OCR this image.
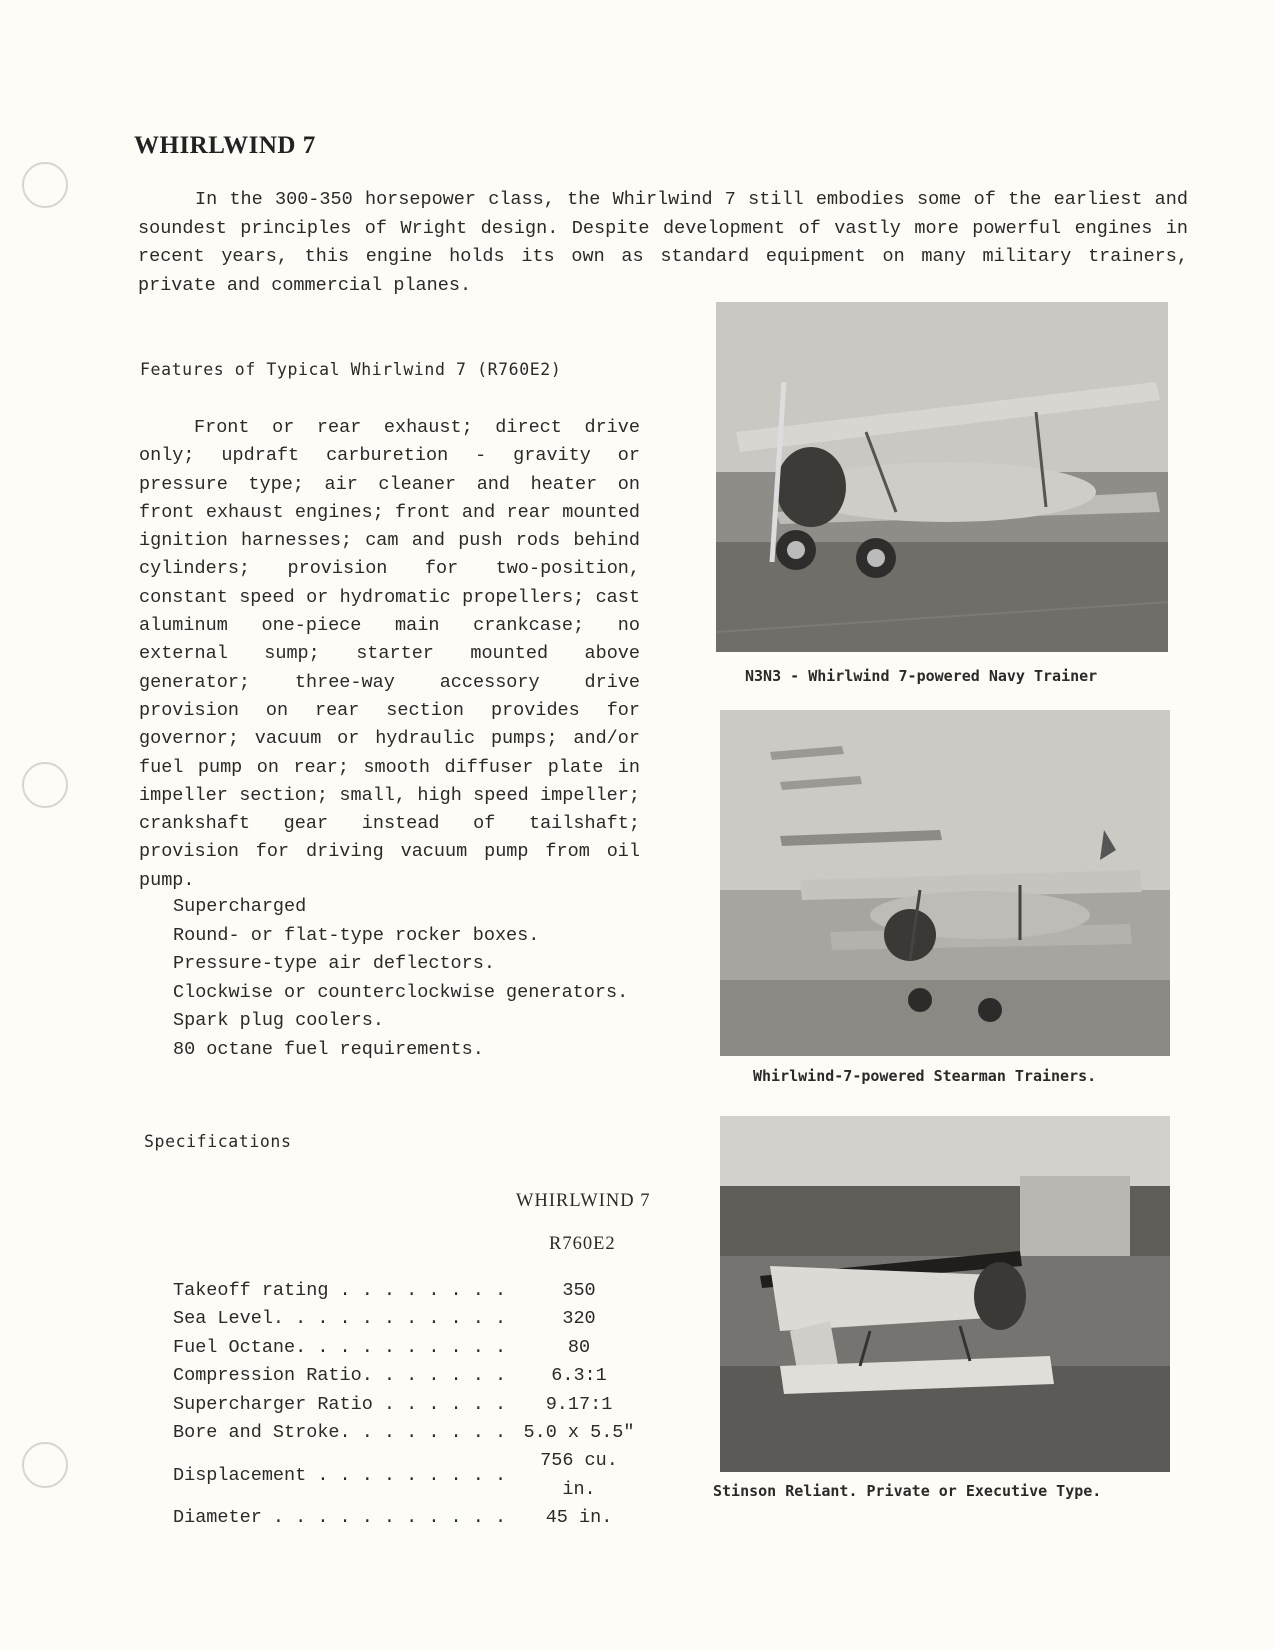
WHIRLWIND 7

In the 300-350 horsepower class, the Whirlwind 7 still embodies some of the earliest and soundest principles of Wright design. Despite development of vastly more powerful engines in recent years, this engine holds its own as standard equipment on many military trainers, private and commercial planes.

Features of Typical Whirlwind 7 (R760E2)

Front or rear exhaust; direct drive only; updraft carburetion - gravity or pressure type; air cleaner and heater on front exhaust engines; front and rear mounted ignition harnesses; cam and push rods behind cylinders; provision for two-position, constant speed or hydromatic propellers; cast aluminum one-piece main crankcase; no external sump; starter mounted above generator; three-way accessory drive provision on rear section provides for governor; vacuum or hydraulic pumps; and/or fuel pump on rear; smooth diffuser plate in impeller section; small, high speed impeller; crankshaft gear instead of tailshaft; provision for driving vacuum pump from oil pump.

Supercharged
Round- or flat-type rocker boxes.
Pressure-type air deflectors.
Clockwise or counterclockwise generators.
Spark plug coolers.
80 octane fuel requirements.

Specifications

WHIRLWIND 7
R760E2
Takeoff rating . . . . . . . .	350
Sea Level. . . . . . . . . . .	320
Fuel Octane. . . . . . . . . .	80
Compression Ratio. . . . . . .	6.3:1
Supercharger Ratio . . . . . .	9.17:1
Bore and Stroke. . . . . . . .	5.0 x 5.5"
Displacement . . . . . . . . .	756 cu. in.
Diameter . . . . . . . . . . .	45 in.

N3N3 - Whirlwind 7-powered Navy Trainer

Whirlwind-7-powered Stearman Trainers.

Stinson Reliant. Private or Executive Type.
